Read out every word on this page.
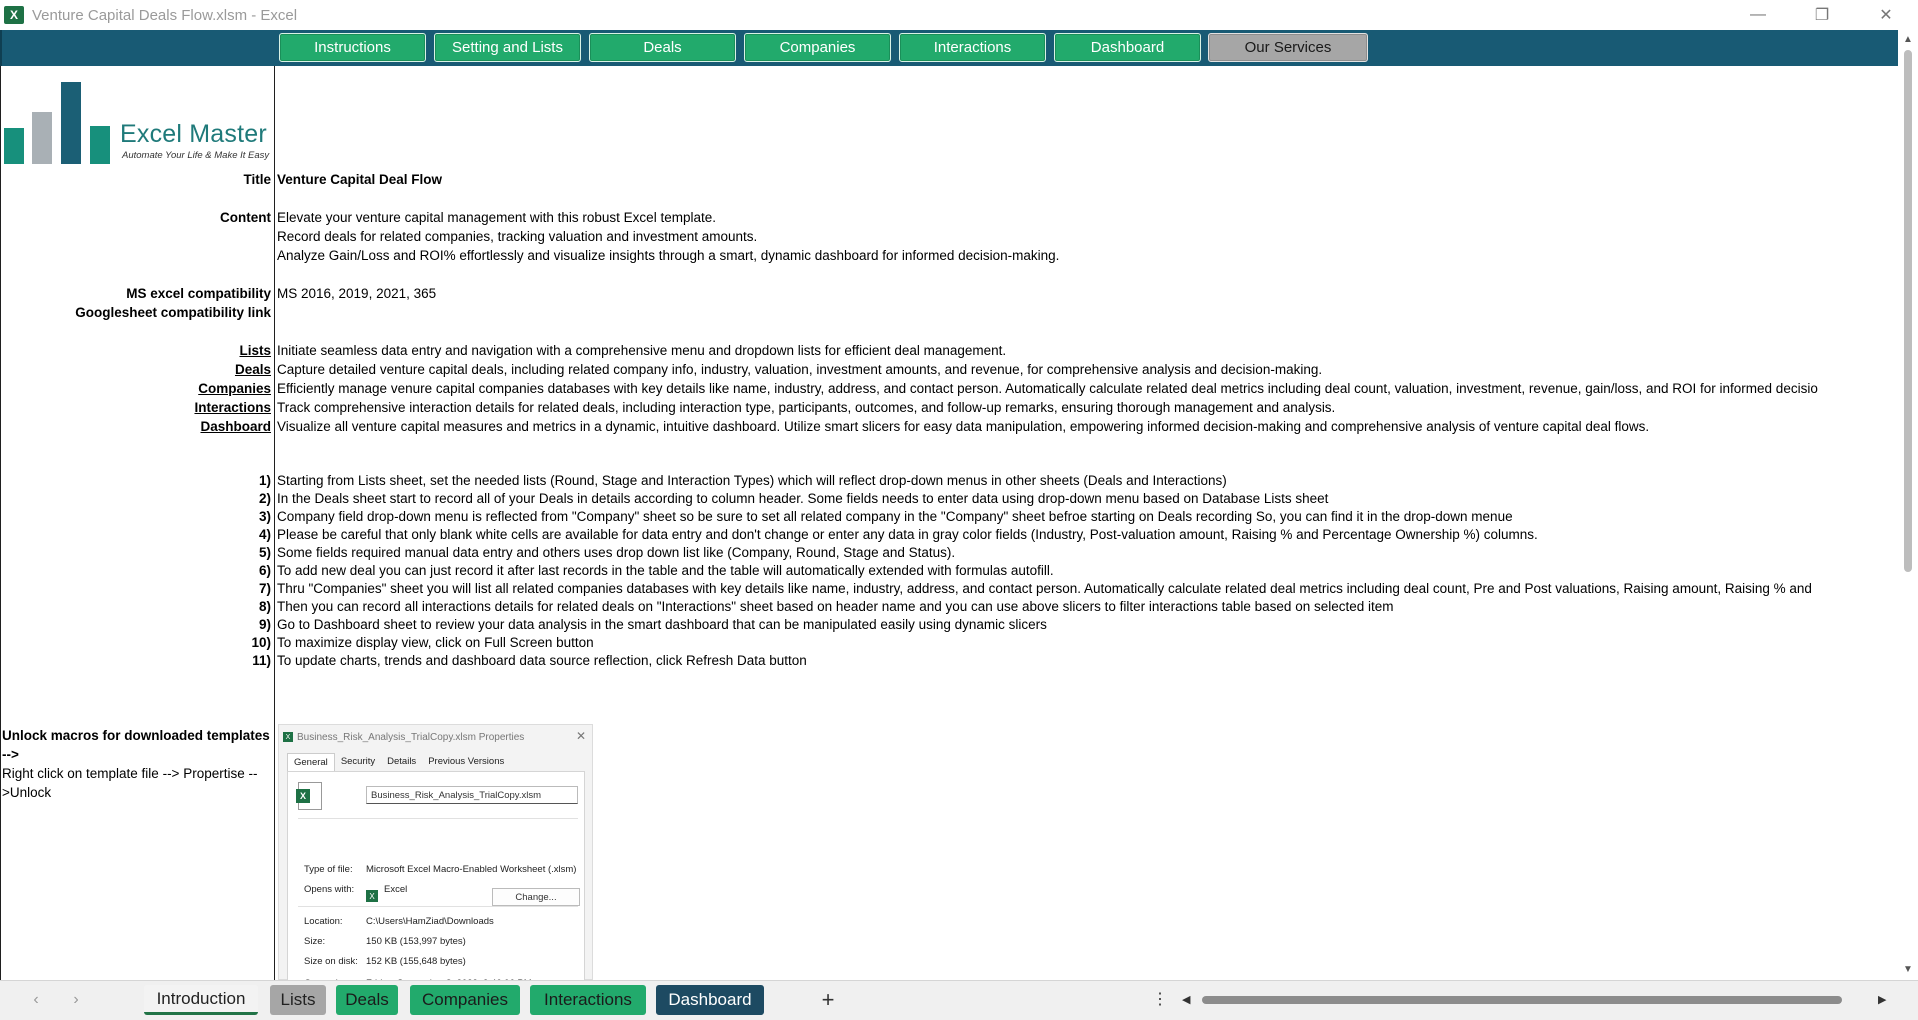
X Venture Capital Deals Flow.xlsm - Excel	—	❐	✕
Instructions	Setting and Lists	Deals	Companies	Interactions	Dashboard	Our Services
Excel Master
Automate Your Life & Make It Easy
Title Venture Capital Deal Flow
Content Elevate your venture capital management with this robust Excel template.
Record deals for related companies, tracking valuation and investment amounts.
Analyze Gain/Loss and ROI% effortlessly and visualize insights through a smart, dynamic dashboard for informed decision-making.
MS excel compatibility MS 2016, 2019, 2021, 365
Googlesheet compatibility link
Lists Initiate seamless data entry and navigation with a comprehensive menu and dropdown lists for efficient deal management.
Deals Capture detailed venture capital deals, including related company info, industry, valuation, investment amounts, and revenue, for comprehensive analysis and decision-making.
Companies Efficiently manage venure capital companies databases with key details like name, industry, address, and contact person. Automatically calculate related deal metrics including deal count, valuation, investment, revenue, gain/loss, and ROI for informed decisio
Interactions Track comprehensive interaction details for related deals, including interaction type, participants, outcomes, and follow-up remarks, ensuring thorough management and analysis.
Dashboard Visualize all venture capital measures and metrics in a dynamic, intuitive dashboard. Utilize smart slicers for easy data manipulation, empowering informed decision-making and comprehensive analysis of venture capital deal flows.
1) Starting from Lists sheet, set the needed lists (Round, Stage and Interaction Types) which will reflect drop-down menus in other sheets (Deals and Interactions)
2) In the Deals sheet start to record all of your Deals in details according to column header. Some fields needs to enter data using drop-down menu based on Database Lists sheet
3) Company field drop-down menu is reflected from "Company" sheet so be sure to set all related company in the "Company" sheet befroe starting on Deals recording So, you can find it in the drop-down menue
4) Please be careful that only blank white cells are available for data entry and don't change or enter any data in gray color fields (Industry, Post-valuation amount, Raising % and Percentage Ownership %) columns.
5) Some fields required manual data entry and others uses drop down list like (Company, Round, Stage and Status).
6) To add new deal you can just record it after last records in the table and the table will automatically extended with formulas autofill.
7) Thru "Companies" sheet you will list all related companies databases with key details like name, industry, address, and contact person. Automatically calculate related deal metrics including deal count, Pre and Post valuations, Raising amount, Raising % and
8) Then you can record all interactions details for related deals on "Interactions" sheet based on header name and you can use above slicers to filter interactions table based on selected item
9) Go to Dashboard sheet to review your data analysis in the smart dashboard that can be manipulated easily using dynamic slicers
10) To maximize display view, click on Full Screen button
11) To update charts, trends and dashboard data source reflection, click Refresh Data button
Unlock macros for downloaded templates -->
Right click on template file --> Propertise -->Unlock
X Business_Risk_Analysis_TrialCopy.xlsm Properties	✕
General	Security	Details	Previous Versions
X	Business_Risk_Analysis_TrialCopy.xlsm
Type of file: Microsoft Excel Macro-Enabled Worksheet (.xlsm)
Opens with:
X
Excel
Change...
Location: C:\Users\HamZiad\Downloads
Size:	150 KB (153,997 bytes)
Size on disk: 152 KB (155,648 bytes)
▲
▼
‹	›	Introduction	Lists	Deals	Companies	Interactions	Dashboard	+	⋮ ◀	▶
